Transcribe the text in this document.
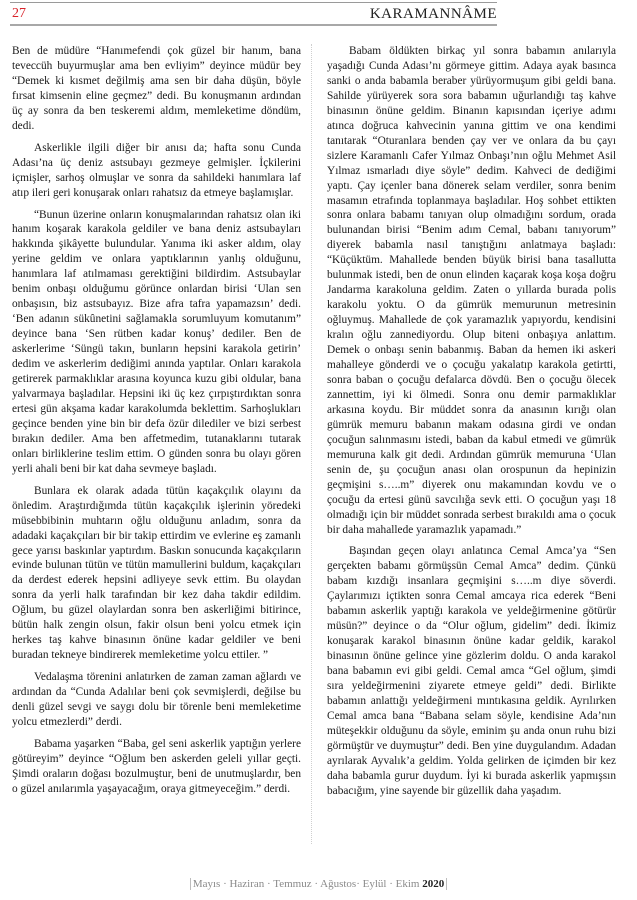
27	KARAMANNÂME

Ben de müdüre “Hanımefendi çok güzel bir hanım, bana teveccüh buyurmuşlar ama ben evliyim” deyince müdür bey “Demek ki kısmet değilmiş ama sen bir daha düşün, böyle fırsat kimsenin eline geçmez” dedi. Bu konuşmanın ardından üç ay sonra da ben teskeremi aldım, memleketime döndüm, dedi.

Askerlikle ilgili diğer bir anısı da; hafta sonu Cunda Adası’na üç deniz astsubayı gezmeye gelmişler. İçkilerini içmişler, sarhoş olmuşlar ve sonra da sahildeki hanımlara laf atıp ileri geri konuşarak onları rahatsız da etmeye başlamışlar.

“Bunun üzerine onların konuşmalarından rahatsız olan iki hanım koşarak karakola geldiler ve bana deniz astsubayları hakkında şikâyette bulundular. Yanıma iki asker aldım, olay yerine geldim ve onlara yaptıklarının yanlış olduğunu, hanımlara laf atılmaması gerektiğini bildirdim. Astsubaylar benim onbaşı olduğumu görünce onlardan birisi ‘Ulan sen onbaşısın, biz astsubayız. Bize afra tafra yapamazsın’ dedi. ‘Ben adanın sükûnetini sağlamakla sorumluyum komutanım” deyince bana ‘Sen rütben kadar konuş’ dediler. Ben de askerlerime ‘Süngü takın, bunların hepsini karakola getirin’ dedim ve askerlerim dediğimi anında yaptılar. Onları karakola getirerek parmaklıklar arasına koyunca kuzu gibi oldular, bana yalvarmaya başladılar. Hepsini iki üç kez çırpıştırdıktan sonra ertesi gün akşama kadar karakolumda beklettim. Sarhoşlukları geçince benden yine bin bir defa özür dilediler ve bizi serbest bırakın dediler. Ama ben affetmedim, tutanaklarını tutarak onları birliklerine teslim ettim. O günden sonra bu olayı gören yerli ahali beni bir kat daha sevmeye başladı.

Bunlara ek olarak adada tütün kaçakçılık olayını da önledim. Araştırdığımda tütün kaçakçılık işlerinin yöredeki müsebbibinin muhtarın oğlu olduğunu anladım, sonra da adadaki kaçakçıları bir bir takip ettirdim ve evlerine eş zamanlı gece yarısı baskınlar yaptırdım. Baskın sonucunda kaçakçıların evinde bulunan tütün ve tütün mamullerini buldum, kaçakçıları da derdest ederek hepsini adliyeye sevk ettim. Bu olaydan sonra da yerli halk tarafından bir kez daha takdir edildim. Oğlum, bu güzel olaylardan sonra ben askerliğimi bitirince, bütün halk zengin olsun, fakir olsun beni yolcu etmek için herkes taş kahve binasının önüne kadar geldiler ve beni buradan tekneye bindirerek memleketime yolcu ettiler. ”

Vedalaşma törenini anlatırken de zaman zaman ağlardı ve ardından da “Cunda Adalılar beni çok sevmişlerdi, değilse bu denli güzel sevgi ve saygı dolu bir törenle beni memleketime yolcu etmezlerdi” derdi.

Babama yaşarken “Baba, gel seni askerlik yaptığın yerlere götüreyim” deyince “Oğlum ben askerden geleli yıllar geçti. Şimdi oraların doğası bozulmuştur, beni de unutmuşlardır, ben o güzel anılarımla yaşayacağım, oraya gitmeyeceğim.” derdi.

Babam öldükten birkaç yıl sonra babamın anılarıyla yaşadığı Cunda Adası’nı görmeye gittim. Adaya ayak basınca sanki o anda babamla beraber yürüyormuşum gibi geldi bana. Sahilde yürüyerek sora sora babamın uğurlandığı taş kahve binasının önüne geldim. Binanın kapısından içeriye adımı atınca doğruca kahvecinin yanına gittim ve ona kendimi tanıtarak “Oturanlara benden çay ver ve onlara da bu çayı sizlere Karamanlı Cafer Yılmaz Onbaşı’nın oğlu Mehmet Asil Yılmaz ısmarladı diye söyle” dedim. Kahveci de dediğimi yaptı. Çay içenler bana dönerek selam verdiler, sonra benim masamın etrafında toplanmaya başladılar. Hoş sohbet ettikten sonra onlara babamı tanıyan olup olmadığını sordum, orada bulunandan birisi “Benim adım Cemal, babanı tanıyorum” diyerek babamla nasıl tanıştığını anlatmaya başladı: “Küçüktüm. Mahallede benden büyük birisi bana tasallutta bulunmak istedi, ben de onun elinden kaçarak koşa koşa doğru Jandarma karakoluna geldim. Zaten o yıllarda burada polis karakolu yoktu. O da gümrük memurunun metresinin oğluymuş. Mahallede de çok yaramazlık yapıyordu, kendisini kralın oğlu zannediyordu. Olup biteni onbaşıya anlattım. Demek o onbaşı senin babanmış. Baban da hemen iki askeri mahalleye gönderdi ve o çocuğu yakalatıp karakola getirtti, sonra baban o çocuğu defalarca dövdü. Ben o çocuğu ölecek zannettim, iyi ki ölmedi. Sonra onu demir parmaklıklar arkasına koydu. Bir müddet sonra da anasının kırığı olan gümrük memuru babanın makam odasına girdi ve ondan çocuğun salınmasını istedi, baban da kabul etmedi ve gümrük memuruna kalk git dedi. Ardından gümrük memuruna ‘Ulan senin de, şu çocuğun anası olan orospunun da hepinizin geçmişini s…..m” diyerek onu makamından kovdu ve o çocuğu da ertesi günü savcılığa sevk etti. O çocuğun yaşı 18 olmadığı için bir müddet sonrada serbest bırakıldı ama o çocuk bir daha mahallede yaramazlık yapamadı.”

Başından geçen olayı anlatınca Cemal Amca’ya “Sen gerçekten babamı görmüşsün Cemal Amca” dedim. Çünkü babam kızdığı insanlara geçmişini s…..m diye söverdi. Çaylarımızı içtikten sonra Cemal amcaya rica ederek “Beni babamın askerlik yaptığı karakola ve yeldeğirmenine götürür müsün?” deyince o da “Olur oğlum, gidelim” dedi. İkimiz konuşarak karakol binasının önüne kadar geldik, karakol binasının önüne gelince yine gözlerim doldu. O anda karakol bana babamın evi gibi geldi. Cemal amca “Gel oğlum, şimdi sıra yeldeğirmenini ziyarete etmeye geldi” dedi. Birlikte babamın anlattığı yeldeğirmeni mıntıkasına geldik. Ayrılırken Cemal amca bana “Babana selam söyle, kendisine Ada’nın müteşekkir olduğunu da söyle, eminim şu anda onun ruhu bizi görmüştür ve duymuştur” dedi. Ben yine duygulandım. Adadan ayrılarak Ayvalık’a geldim. Yolda gelirken de içimden bir kez daha babamla gurur duydum. İyi ki burada askerlik yapmışsın babacığım, yine sayende bir güzellik daha yaşadım.

Mayıs · Haziran · Temmuz · Ağustos· Eylül · Ekim 2020
